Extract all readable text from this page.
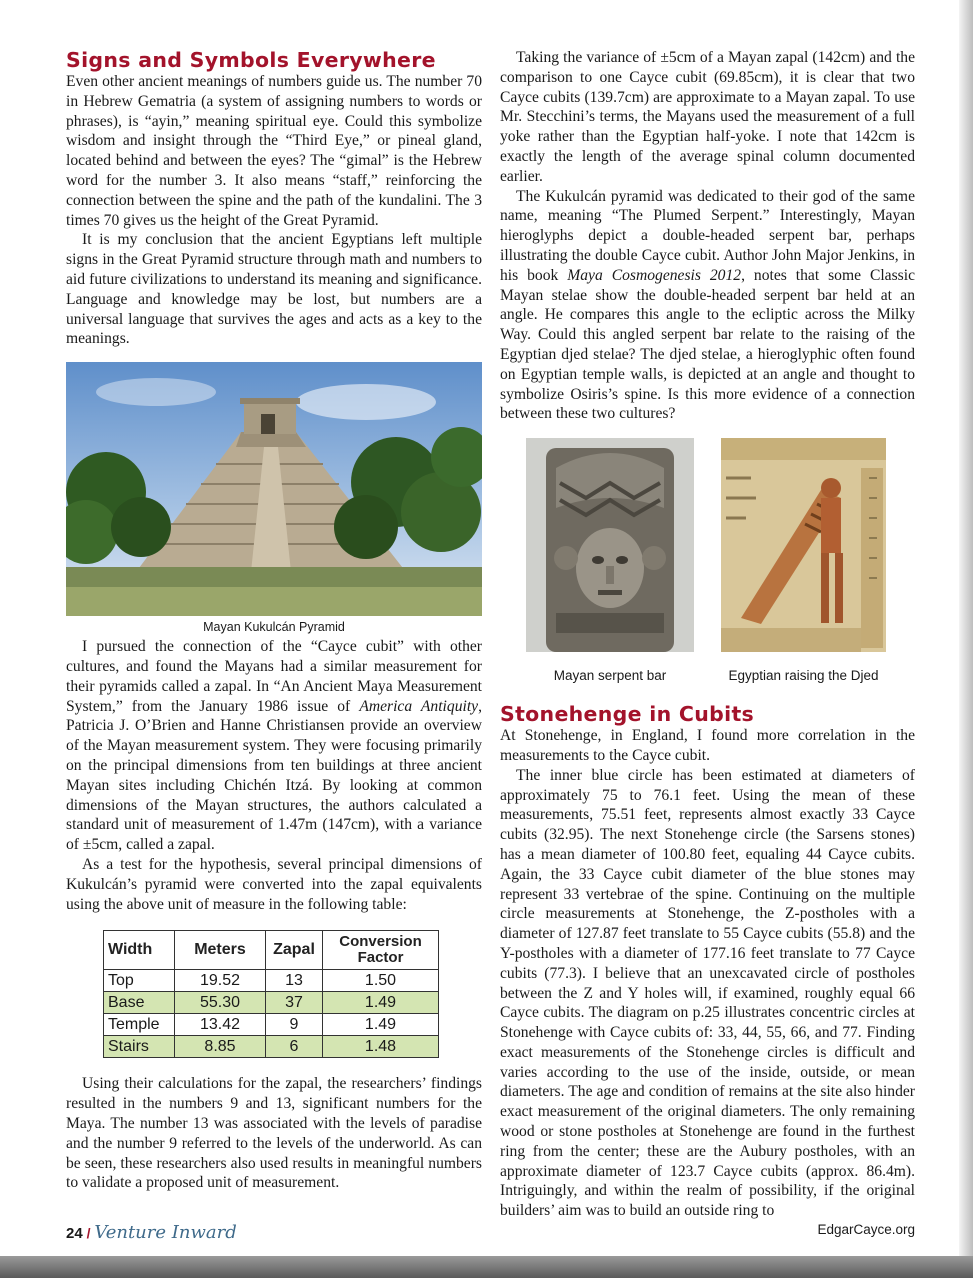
Signs and Symbols Everywhere

Even other ancient meanings of numbers guide us. The number 70 in Hebrew Gematria (a system of assigning numbers to words or phrases), is “ayin,” meaning spiritual eye. Could this symbolize wisdom and insight through the “Third Eye,” or pineal gland, located behind and between the eyes? The “gimal” is the Hebrew word for the number 3. It also means “staff,” reinforcing the connection between the spine and the path of the kundalini. The 3 times 70 gives us the height of the Great Pyramid.

It is my conclusion that the ancient Egyptians left multiple signs in the Great Pyramid structure through math and numbers to aid future civilizations to understand its meaning and significance. Language and knowledge may be lost, but numbers are a universal language that survives the ages and acts as a key to the meanings.

Mayan Kukulcán Pyramid

I pursued the connection of the “Cayce cubit” with other cultures, and found the Mayans had a similar measurement for their pyramids called a zapal. In “An Ancient Maya Measurement System,” from the January 1986 issue of America Antiquity, Patricia J. O’Brien and Hanne Christiansen provide an overview of the Mayan measurement system. They were focusing primarily on the principal dimensions from ten buildings at three ancient Mayan sites including Chichén Itzá. By looking at common dimensions of the Mayan structures, the authors calculated a standard unit of measurement of 1.47m (147cm), with a variance of ±5cm, called a zapal.

As a test for the hypothesis, several principal dimensions of Kukulcán’s pyramid were converted into the zapal equivalents using the above unit of measure in the following table:

Width	Meters	Zapal	Conversion Factor
Top	19.52	13	1.50
Base	55.30	37	1.49
Temple	13.42	9	1.49
Stairs	8.85	6	1.48

Using their calculations for the zapal, the researchers’ findings resulted in the numbers 9 and 13, significant numbers for the Maya. The number 13 was associated with the levels of paradise and the number 9 referred to the levels of the underworld. As can be seen, these researchers also used results in meaningful numbers to validate a proposed unit of measurement.

Taking the variance of ±5cm of a Mayan zapal (142cm) and the comparison to one Cayce cubit (69.85cm), it is clear that two Cayce cubits (139.7cm) are approximate to a Mayan zapal. To use Mr. Stecchini’s terms, the Mayans used the measurement of a full yoke rather than the Egyptian half-yoke. I note that 142cm is exactly the length of the average spinal column documented earlier.

The Kukulcán pyramid was dedicated to their god of the same name, meaning “The Plumed Serpent.” Interestingly, Mayan hieroglyphs depict a double-headed serpent bar, perhaps illustrating the double Cayce cubit. Author John Major Jenkins, in his book Maya Cosmogenesis 2012, notes that some Classic Mayan stelae show the double-headed serpent bar held at an angle. He compares this angle to the ecliptic across the Milky Way. Could this angled serpent bar relate to the raising of the Egyptian djed stelae? The djed stelae, a hieroglyphic often found on Egyptian temple walls, is depicted at an angle and thought to symbolize Osiris’s spine. Is this more evidence of a connection between these two cultures?

Mayan serpent bar	Egyptian raising the Djed
Stonehenge in Cubits

At Stonehenge, in England, I found more correlation in the measurements to the Cayce cubit.

The inner blue circle has been estimated at diameters of approximately 75 to 76.1 feet. Using the mean of these measurements, 75.51 feet, represents almost exactly 33 Cayce cubits (32.95). The next Stonehenge circle (the Sarsens stones) has a mean diameter of 100.80 feet, equaling 44 Cayce cubits. Again, the 33 Cayce cubit diameter of the blue stones may represent 33 vertebrae of the spine. Continuing on the multiple circle measurements at Stonehenge, the Z-postholes with a diameter of 127.87 feet translate to 55 Cayce cubits (55.8) and the Y-postholes with a diameter of 177.16 feet translate to 77 Cayce cubits (77.3). I believe that an unexcavated circle of postholes between the Z and Y holes will, if examined, roughly equal 66 Cayce cubits. The diagram on p.25 illustrates concentric circles at Stonehenge with Cayce cubits of: 33, 44, 55, 66, and 77. Finding exact measurements of the Stonehenge circles is difficult and varies according to the use of the inside, outside, or mean diameters. The age and condition of remains at the site also hinder exact measurement of the original diameters. The only remaining wood or stone postholes at Stonehenge are found in the furthest ring from the center; these are the Aubury postholes, with an approximate diameter of 123.7 Cayce cubits (approx. 86.4m). Intriguingly, and within the realm of possibility, if the original builders’ aim was to build an outside ring to

24 / Venture Inward	EdgarCayce.org
